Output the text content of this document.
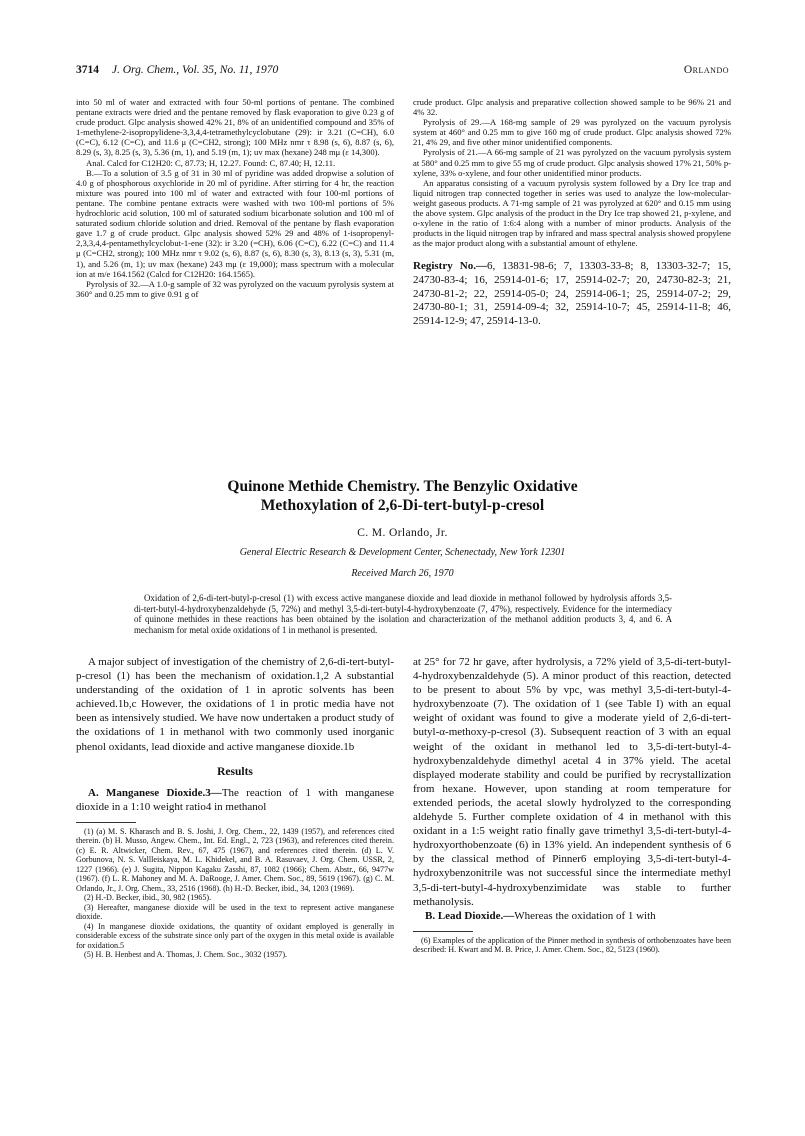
3714 J. Org. Chem., Vol. 35, No. 11, 1970	Orlando

into 50 ml of water and extracted with four 50-ml portions of pentane. The combined pentane extracts were dried and the pentane removed by flask evaporation to give 0.23 g of crude product. Glpc analysis showed 42% 21, 8% of an unidentified compound and 35% of 1-methylene-2-isopropylidene-3,3,4,4-tetramethylcyclobutane (29): ir 3.21 (C=CH), 6.0 (C=C), 6.12 (C=C), and 11.6 μ (C=CH2, strong); 100 MHz nmr τ 8.98 (s, 6), 8.87 (s, 6), 8.29 (s, 3), 8.25 (s, 3), 5.36 (m, 1), and 5.19 (m, 1); uv max (hexane) 248 mμ (ε 14,300).

Anal. Calcd for C12H20: C, 87.73; H, 12.27. Found: C, 87.40; H, 12.11.

B.—To a solution of 3.5 g of 31 in 30 ml of pyridine was added dropwise a solution of 4.0 g of phosphorous oxychloride in 20 ml of pyridine. After stirring for 4 hr, the reaction mixture was poured into 100 ml of water and extracted with four 100-ml portions of pentane. The combine pentane extracts were washed with two 100-ml portions of 5% hydrochloric acid solution, 100 ml of saturated sodium bicarbonate solution and 100 ml of saturated sodium chloride solution and dried. Removal of the pentane by flash evaporation gave 1.7 g of crude product. Glpc analysis showed 52% 29 and 48% of 1-isopropenyl-2,3,3,4,4-pentamethylcyclobut-1-ene (32): ir 3.20 (=CH), 6.06 (C=C), 6.22 (C=C) and 11.4 μ (C=CH2, strong); 100 MHz nmr τ 9.02 (s, 6), 8.87 (s, 6), 8.30 (s, 3), 8.13 (s, 3), 5.31 (m, 1), and 5.26 (m, 1); uv max (hexane) 243 mμ (ε 19,000); mass spectrum with a molecular ion at m/e 164.1562 (Calcd for C12H20: 164.1565).

Pyrolysis of 32.—A 1.0-g sample of 32 was pyrolyzed on the vacuum pyrolysis system at 360° and 0.25 mm to give 0.91 g of

crude product. Glpc analysis and preparative collection showed sample to be 96% 21 and 4% 32.

Pyrolysis of 29.—A 168-mg sample of 29 was pyrolyzed on the vacuum pyrolysis system at 460° and 0.25 mm to give 160 mg of crude product. Glpc analysis showed 72% 21, 4% 29, and five other minor unidentified components.

Pyrolysis of 21.—A 66-mg sample of 21 was pyrolyzed on the vacuum pyrolysis system at 580° and 0.25 mm to give 55 mg of crude product. Glpc analysis showed 17% 21, 50% p-xylene, 33% o-xylene, and four other unidentified minor products.

An apparatus consisting of a vacuum pyrolysis system followed by a Dry Ice trap and liquid nitrogen trap connected together in series was used to analyze the low-molecular-weight gaseous products. A 71-mg sample of 21 was pyrolyzed at 620° and 0.15 mm using the above system. Glpc analysis of the product in the Dry Ice trap showed 21, p-xylene, and o-xylene in the ratio of 1:6:4 along with a number of minor products. Analysis of the products in the liquid nitrogen trap by infrared and mass spectral analysis showed propylene as the major product along with a substantial amount of ethylene.

Registry No.—6, 13831-98-6; 7, 13303-33-8; 8, 13303-32-7; 15, 24730-83-4; 16, 25914-01-6; 17, 25914-02-7; 20, 24730-82-3; 21, 24730-81-2; 22, 25914-05-0; 24, 25914-06-1; 25, 25914-07-2; 29, 24730-80-1; 31, 25914-09-4; 32, 25914-10-7; 45, 25914-11-8; 46, 25914-12-9; 47, 25914-13-0.
Quinone Methide Chemistry. The Benzylic Oxidative
Methoxylation of 2,6-Di-tert-butyl-p-cresol
C. M. Orlando, Jr.
General Electric Research & Development Center, Schenectady, New York 12301
Received March 26, 1970
Oxidation of 2,6-di-tert-butyl-p-cresol (1) with excess active manganese dioxide and lead dioxide in methanol followed by hydrolysis affords 3,5-di-tert-butyl-4-hydroxybenzaldehyde (5, 72%) and methyl 3,5-di-tert-butyl-4-hydroxybenzoate (7, 47%), respectively. Evidence for the intermediacy of quinone methides in these reactions has been obtained by the isolation and characterization of the methanol addition products 3, 4, and 6. A mechanism for metal oxide oxidations of 1 in methanol is presented.

A major subject of investigation of the chemistry of 2,6-di-tert-butyl-p-cresol (1) has been the mechanism of oxidation.1,2 A substantial understanding of the oxidation of 1 in aprotic solvents has been achieved.1b,c However, the oxidations of 1 in protic media have not been as intensively studied. We have now undertaken a product study of the oxidations of 1 in methanol with two commonly used inorganic phenol oxidants, lead dioxide and active manganese dioxide.1b

Results

A. Manganese Dioxide.3—The reaction of 1 with manganese dioxide in a 1:10 weight ratio4 in methanol

(1) (a) M. S. Kharasch and B. S. Joshi, J. Org. Chem., 22, 1439 (1957), and references cited therein. (b) H. Musso, Angew. Chem., Int. Ed. Engl., 2, 723 (1963), and references cited therein. (c) E. R. Altwicker, Chem. Rev., 67, 475 (1967), and references cited therein. (d) L. V. Gorbunova, N. S. Vallleiskaya, M. L. Khidekel, and B. A. Rasuvaev, J. Org. Chem. USSR, 2, 1227 (1966). (e) J. Sugita, Nippon Kagaku Zasshi, 87, 1082 (1966); Chem. Abstr., 66, 9477w (1967). (f) L. R. Mahoney and M. A. DaRooge, J. Amer. Chem. Soc., 89, 5619 (1967). (g) C. M. Orlando, Jr., J. Org. Chem., 33, 2516 (1968). (h) H.-D. Becker, ibid., 34, 1203 (1969).

(2) H.-D. Becker, ibid., 30, 982 (1965).

(3) Hereafter, manganese dioxide will be used in the text to represent active manganese dioxide.

(4) In manganese dioxide oxidations, the quantity of oxidant employed is generally in considerable excess of the substrate since only part of the oxygen in this metal oxide is available for oxidation.5

(5) H. B. Henbest and A. Thomas, J. Chem. Soc., 3032 (1957).

at 25° for 72 hr gave, after hydrolysis, a 72% yield of 3,5-di-tert-butyl-4-hydroxybenzaldehyde (5). A minor product of this reaction, detected to be present to about 5% by vpc, was methyl 3,5-di-tert-butyl-4-hydroxybenzoate (7). The oxidation of 1 (see Table I) with an equal weight of oxidant was found to give a moderate yield of 2,6-di-tert-butyl-α-methoxy-p-cresol (3). Subsequent reaction of 3 with an equal weight of the oxidant in methanol led to 3,5-di-tert-butyl-4-hydroxybenzaldehyde dimethyl acetal 4 in 37% yield. The acetal displayed moderate stability and could be purified by recrystallization from hexane. However, upon standing at room temperature for extended periods, the acetal slowly hydrolyzed to the corresponding aldehyde 5. Further complete oxidation of 4 in methanol with this oxidant in a 1:5 weight ratio finally gave trimethyl 3,5-di-tert-butyl-4-hydroxyorthobenzoate (6) in 13% yield. An independent synthesis of 6 by the classical method of Pinner6 employing 3,5-di-tert-butyl-4-hydroxybenzonitrile was not successful since the intermediate methyl 3,5-di-tert-butyl-4-hydroxybenzimidate was stable to further methanolysis.

B. Lead Dioxide.—Whereas the oxidation of 1 with

(6) Examples of the application of the Pinner method in synthesis of orthobenzoates have been described: H. Kwart and M. B. Price, J. Amer. Chem. Soc., 82, 5123 (1960).
